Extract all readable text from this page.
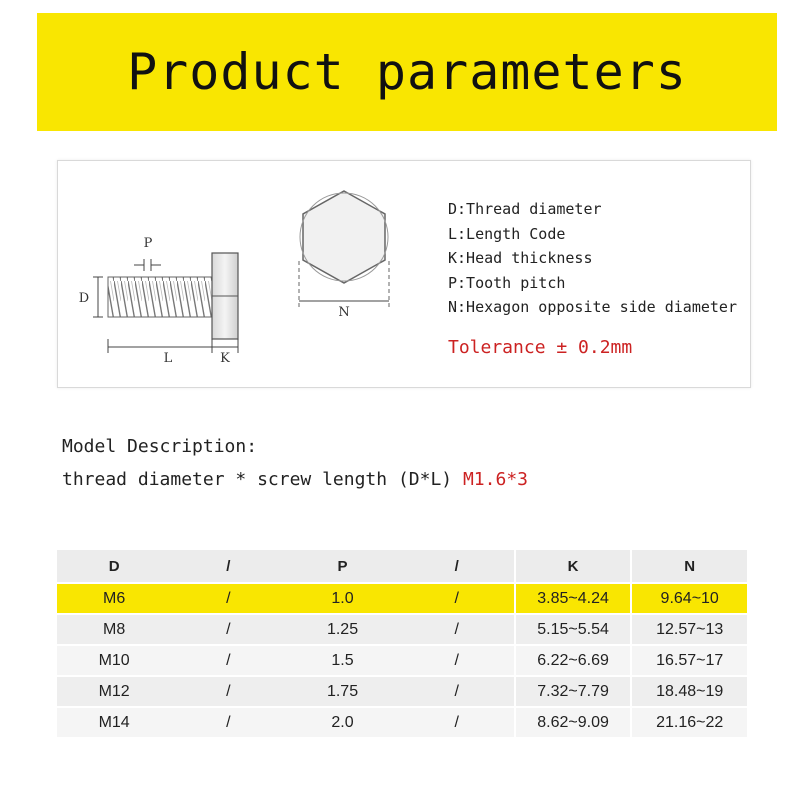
Product parameters
P
D
L	K
N
D:Thread diameter
L:Length Code
K:Head thickness
P:Tooth pitch
N:Hexagon opposite side diameter
Tolerance ± 0.2mm
Model Description:
thread diameter * screw length (D*L) M1.6*3
D	/	P	/	K	N
M6	/	1.0	/	3.85~4.24	9.64~10
M8	/	1.25	/	5.15~5.54	12.57~13
M10	/	1.5	/	6.22~6.69	16.57~17
M12	/	1.75	/	7.32~7.79	18.48~19
M14	/	2.0	/	8.62~9.09	21.16~22
